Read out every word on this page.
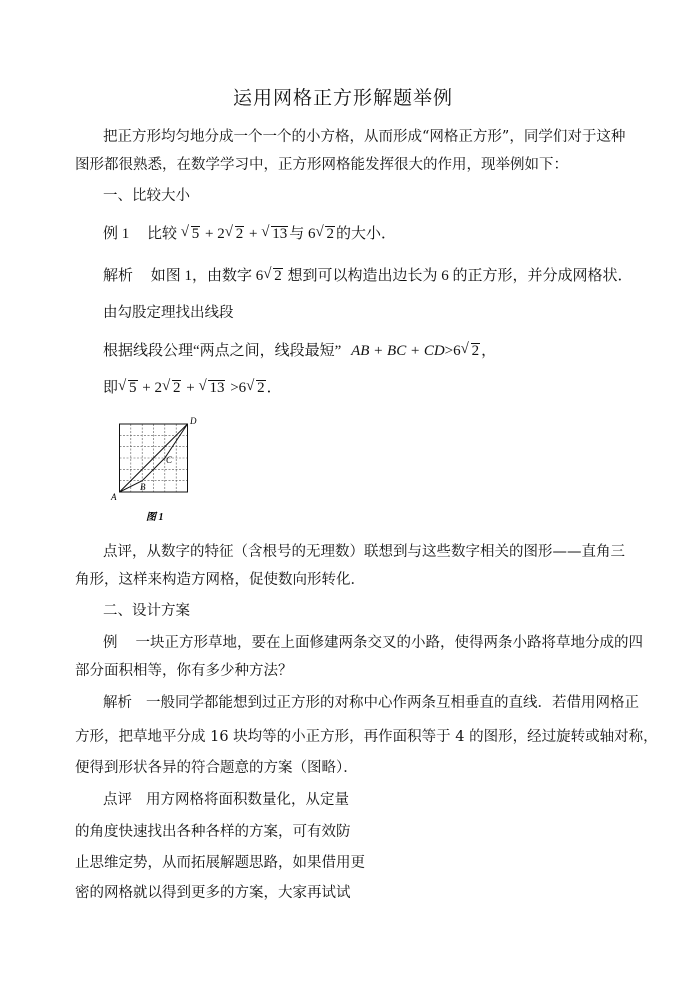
运用网格正方形解题举例
把正方形均匀地分成一个一个的小方格，从而形成“网格正方形”，同学们对于这种
图形都很熟悉，在数学学习中，正方形网格能发挥很大的作用，现举例如下：
一、比较大小
例 1 比较 √ 5 + 2 √ 2 + √ 13 与 6 √ 2 的大小．
解析 如图 1，由数字 6 √ 2 想到可以构造出边长为 6 的正方形，并分成网格状．
由勾股定理找出线段
根据线段公理“两点之间，线段最短” AB + BC + CD>6 √ 2 ，
即 √ 5 + 2 √ 2 + √ 13 >6 √ 2 ．
A
B
C
D
图 1
点评，从数字的特征（含根号的无理数）联想到与这些数字相关的图形——直角三
角形，这样来构造方网格，促使数向形转化．
二、设计方案
例 一块正方形草地，要在上面修建两条交叉的小路，使得两条小路将草地分成的四
部分面积相等，你有多少种方法？
解析 一般同学都能想到过正方形的对称中心作两条互相垂直的直线．若借用网格正
方形，把草地平分成 16 块均等的小正方形，再作面积等于 4 的图形，经过旋转或轴对称，
便得到形状各异的符合题意的方案（图略）．
点评 用方网格将面积数量化，从定量
的角度快速找出各种各样的方案，可有效防
止思维定势，从而拓展解题思路，如果借用更
密的网格就以得到更多的方案，大家再试试
